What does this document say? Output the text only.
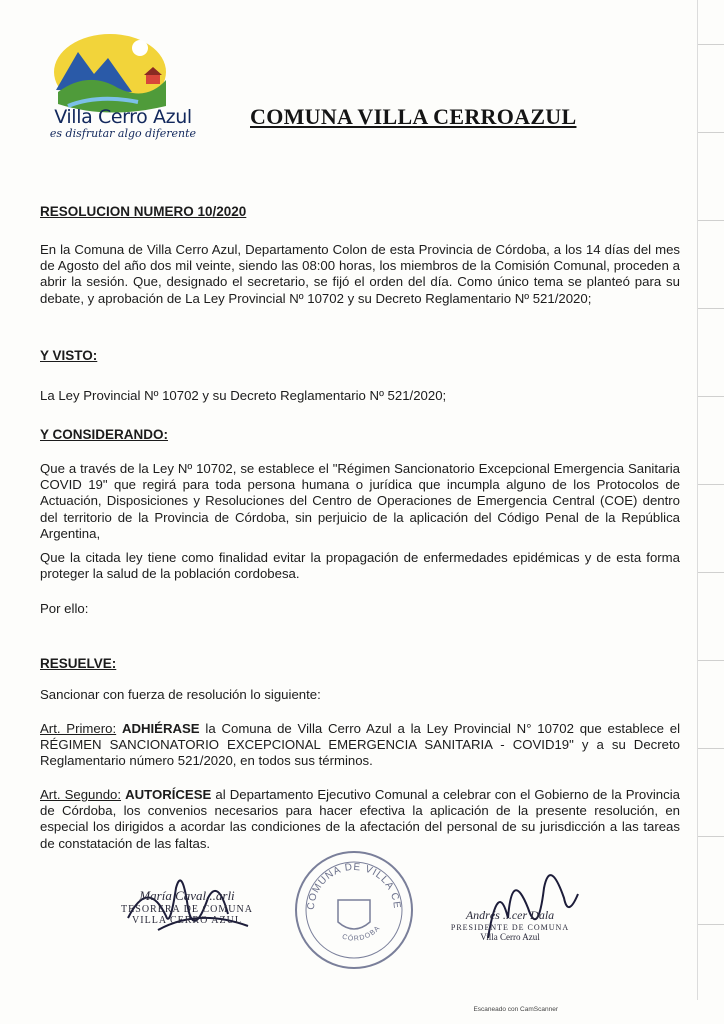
Villa Cerro Azul
es disfrutar algo diferente
COMUNA VILLA CERROAZUL
RESOLUCION NUMERO 10/2020
En la Comuna de Villa Cerro Azul, Departamento Colon de esta Provincia de Córdoba, a los 14 días del mes de Agosto del año dos mil veinte, siendo las 08:00 horas, los miembros de la Comisión Comunal, proceden a abrir la sesión. Que, designado el secretario, se fijó el orden del día. Como único tema se planteó para su debate, y aprobación de La Ley Provincial Nº 10702 y su Decreto Reglamentario Nº 521/2020;
Y VISTO:
La Ley Provincial Nº 10702 y su Decreto Reglamentario Nº 521/2020;
Y CONSIDERANDO:
Que a través de la Ley Nº 10702, se establece el "Régimen Sancionatorio Excepcional Emergencia Sanitaria COVID 19" que regirá para toda persona humana o jurídica que incumpla alguno de los Protocolos de Actuación, Disposiciones y Resoluciones del Centro de Operaciones de Emergencia Central (COE) dentro del territorio de la Provincia de Córdoba, sin perjuicio de la aplicación del Código Penal de la República Argentina,
Que la citada ley tiene como finalidad evitar la propagación de enfermedades epidémicas y de esta forma proteger la salud de la población cordobesa.
Por ello:
RESUELVE:
Sancionar con fuerza de resolución lo siguiente:
Art. Primero: ADHIÉRASE la Comuna de Villa Cerro Azul a la Ley Provincial N° 10702 que establece el RÉGIMEN SANCIONATORIO EXCEPCIONAL EMERGENCIA SANITARIA - COVID19" y a su Decreto Reglamentario número 521/2020, en todos sus términos.
Art. Segundo: AUTORÍCESE al Departamento Ejecutivo Comunal a celebrar con el Gobierno de la Provincia de Córdoba, los convenios necesarios para hacer efectiva la aplicación de la presente resolución, en especial los dirigidos a acordar las condiciones de la afectación del personal de su jurisdicción a las tareas de constatación de las faltas.
María Caval...arli
TESORERA DE COMUNA
VILLA CERRO AZUL
COMUNA DE VILLA CERRO AZUL
CÓRDOBA
Andrés ...cer Dala
PRESIDENTE DE COMUNA
Villa Cerro Azul
Escaneado con CamScanner
